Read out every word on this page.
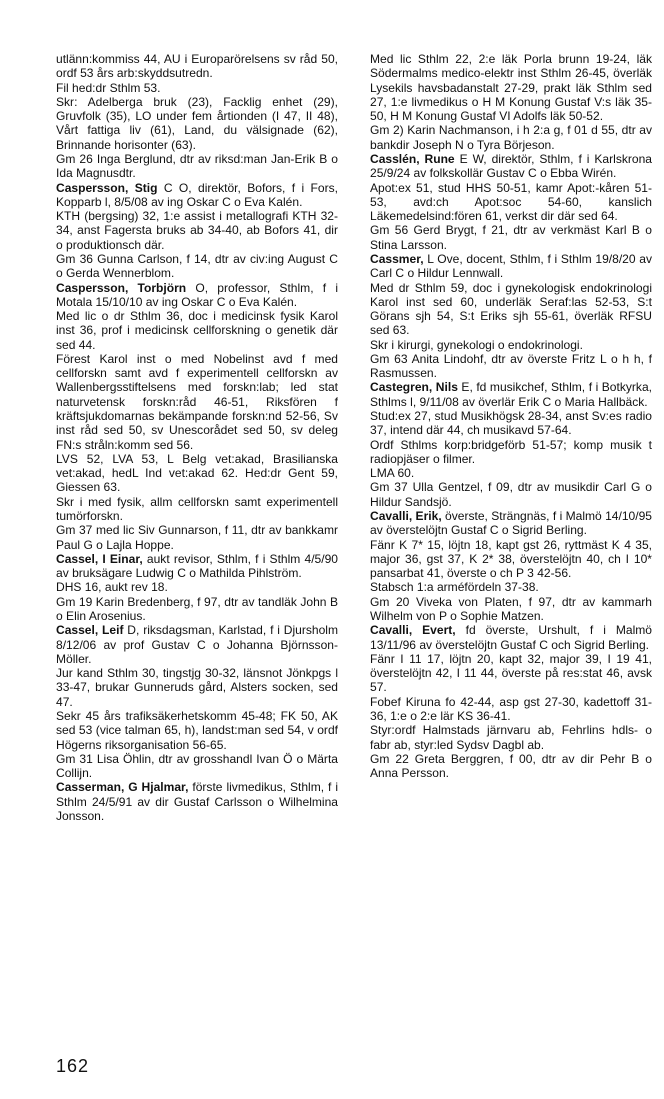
utlänn:kommiss 44, AU i Europarörelsens sv råd 50, ordf 53 års arb:skyddsutredn.

Fil hed:dr Sthlm 53.

Skr: Adelberga bruk (23), Facklig enhet (29), Gruvfolk (35), LO under fem årtionden (I 47, II 48), Vårt fattiga liv (61), Land, du välsignade (62), Brinnande horisonter (63).

Gm 26 Inga Berglund, dtr av riksd:man Jan-Erik B o Ida Magnusdtr.

Caspersson, Stig C O, direktör, Bofors, f i Fors, Kopparb l, 8/5/08 av ing Oskar C o Eva Kalén.

KTH (bergsing) 32, 1:e assist i metallografi KTH 32-34, anst Fagersta bruks ab 34-40, ab Bofors 41, dir o produktionsch där.

Gm 36 Gunna Carlson, f 14, dtr av civ:ing August C o Gerda Wennerblom.

Caspersson, Torbjörn O, professor, Sthlm, f i Motala 15/10/10 av ing Oskar C o Eva Kalén.

Med lic o dr Sthlm 36, doc i medicinsk fysik Karol inst 36, prof i medicinsk cellforskning o genetik där sed 44.

Förest Karol inst o med Nobelinst avd f med cellforskn samt avd f experimentell cellforskn av Wallenbergsstiftelsens med forskn:lab; led stat naturvetensk forskn:råd 46-51, Riksfören f kräftsjukdomarnas bekämpande forskn:nd 52-56, Sv inst råd sed 50, sv Unescorådet sed 50, sv deleg FN:s stråln:komm sed 56.

LVS 52, LVA 53, L Belg vet:akad, Brasilianska vet:akad, hedL Ind vet:akad 62. Hed:dr Gent 59, Giessen 63.

Skr i med fysik, allm cellforskn samt experimentell tumörforskn.

Gm 37 med lic Siv Gunnarson, f 11, dtr av bankkamr Paul G o Lajla Hoppe.

Cassel, I Einar, aukt revisor, Sthlm, f i Sthlm 4/5/90 av bruksägare Ludwig C o Mathilda Pihlström.

DHS 16, aukt rev 18.

Gm 19 Karin Bredenberg, f 97, dtr av tandläk John B o Elin Arosenius.

Cassel, Leif D, riksdagsman, Karlstad, f i Djursholm 8/12/06 av prof Gustav C o Johanna Björnsson-Möller.

Jur kand Sthlm 30, tingstjg 30-32, länsnot Jönkpgs l 33-47, brukar Gunneruds gård, Alsters socken, sed 47.

Sekr 45 års trafiksäkerhetskomm 45-48; FK 50, AK sed 53 (vice talman 65, h), landst:man sed 54, v ordf Högerns riksorganisation 56-65.

Gm 31 Lisa Öhlin, dtr av grosshandl Ivan Ö o Märta Collijn.

Casserman, G Hjalmar, förste livmedikus, Sthlm, f i Sthlm 24/5/91 av dir Gustaf Carlsson o Wilhelmina Jonsson.

Med lic Sthlm 22, 2:e läk Porla brunn 19-24, läk Södermalms medico-elektr inst Sthlm 26-45, överläk Lysekils havsbadanstalt 27-29, prakt läk Sthlm sed 27, 1:e livmedikus o H M Konung Gustaf V:s läk 35-50, H M Konung Gustaf VI Adolfs läk 50-52.

Gm 2) Karin Nachmanson, i h 2:a g, f 01 d 55, dtr av bankdir Joseph N o Tyra Börjeson.

Casslén, Rune E W, direktör, Sthlm, f i Karlskrona 25/9/24 av folkskollär Gustav C o Ebba Wirén.

Apot:ex 51, stud HHS 50-51, kamr Apot:-kåren 51-53, avd:ch Apot:soc 54-60, kanslich Läkemedelsind:fören 61, verkst dir där sed 64.

Gm 56 Gerd Brygt, f 21, dtr av verkmäst Karl B o Stina Larsson.

Cassmer, L Ove, docent, Sthlm, f i Sthlm 19/8/20 av Carl C o Hildur Lennwall.

Med dr Sthlm 59, doc i gynekologisk endokrinologi Karol inst sed 60, underläk Seraf:las 52-53, S:t Görans sjh 54, S:t Eriks sjh 55-61, överläk RFSU sed 63.

Skr i kirurgi, gynekologi o endokrinologi.

Gm 63 Anita Lindohf, dtr av överste Fritz L o h h, f Rasmussen.

Castegren, Nils E, fd musikchef, Sthlm, f i Botkyrka, Sthlms l, 9/11/08 av överlär Erik C o Maria Hallbäck.

Stud:ex 27, stud Musikhögsk 28-34, anst Sv:es radio 37, intend där 44, ch musikavd 57-64.

Ordf Sthlms korp:bridgeförb 51-57; komp musik t radiopjäser o filmer.

LMA 60.

Gm 37 Ulla Gentzel, f 09, dtr av musikdir Carl G o Hildur Sandsjö.

Cavalli, Erik, överste, Strängnäs, f i Malmö 14/10/95 av överstelöjtn Gustaf C o Sigrid Berling.

Fänr K 7* 15, löjtn 18, kapt gst 26, ryttmäst K 4 35, major 36, gst 37, K 2* 38, överstelöjtn 40, ch I 10* pansarbat 41, överste o ch P 3 42-56.

Stabsch 1:a arméfördeln 37-38.

Gm 20 Viveka von Platen, f 97, dtr av kammarh Wilhelm von P o Sophie Matzen.

Cavalli, Evert, fd överste, Urshult, f i Malmö 13/11/96 av överstelöjtn Gustaf C och Sigrid Berling.

Fänr I 11 17, löjtn 20, kapt 32, major 39, I 19 41, överstelöjtn 42, I 11 44, överste på res:stat 46, avsk 57.

Fobef Kiruna fo 42-44, asp gst 27-30, kadettoff 31-36, 1:e o 2:e lär KS 36-41.

Styr:ordf Halmstads järnvaru ab, Fehrlins hdls- o fabr ab, styr:led Sydsv Dagbl ab.

Gm 22 Greta Berggren, f 00, dtr av dir Pehr B o Anna Persson.

162
